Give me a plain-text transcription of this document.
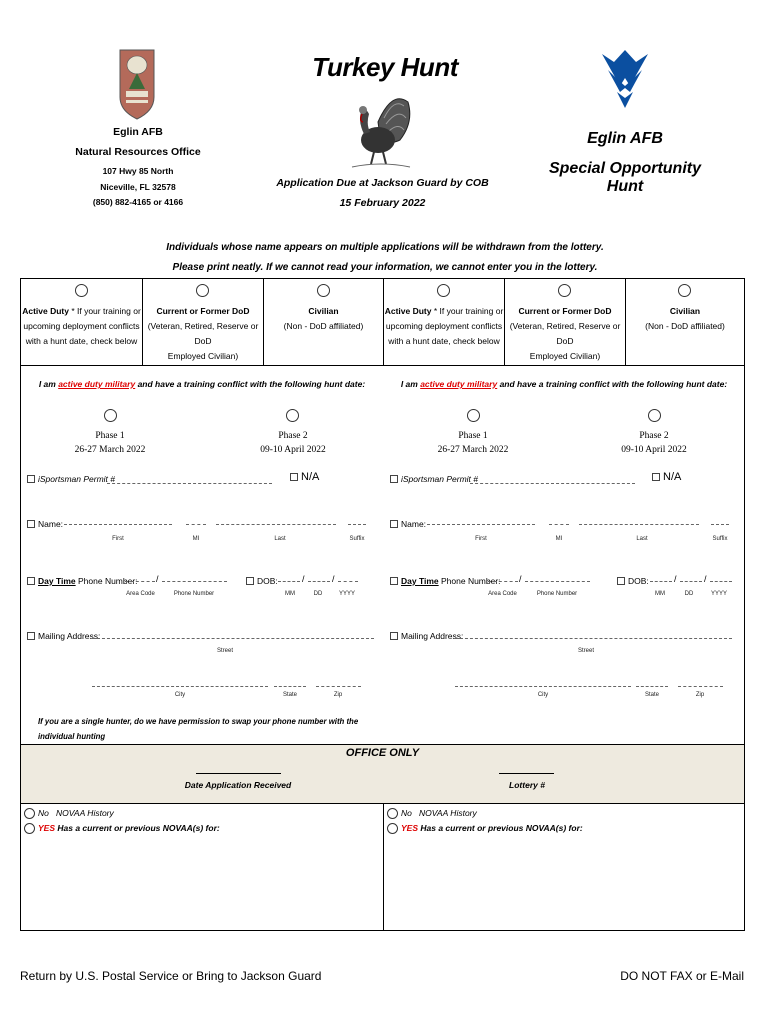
Turkey Hunt
Eglin AFB
Natural Resources Office
107 Hwy 85 North
Niceville, FL 32578
(850) 882-4165 or 4166
Application Due at Jackson Guard by COB
15 February 2022
Eglin AFB
Special Opportunity Hunt
Individuals whose name appears on multiple applications will be withdrawn from the lottery.
Please print neatly. If we cannot read your information, we cannot enter you in the lottery.
Active Duty * If your training or
upcoming deployment conflicts
with a hunt date, check below
Current or Former DoD
(Veteran, Retired, Reserve or DoD
Employed Civilian)
Civilian
(Non - DoD affiliated)
Active Duty * If your training or
upcoming deployment conflicts
with a hunt date, check below
Current or Former DoD
(Veteran, Retired, Reserve or DoD
Employed Civilian)
Civilian
(Non - DoD affiliated)
I am active duty military and have a training conflict with the following hunt date:	I am active duty military and have a training conflict with the following hunt date:
Phase 1
26-27 March 2022
Phase 2
09-10 April 2022
Phase 1
26-27 March 2022
Phase 2
09-10 April 2022
iSportsman Permit #	N/A
Name:
First	MI	Last	Suffix
Day Time Phone Number: /
Area Code	Phone Number
DOB:	/	/
MM	DD	YYYY
Mailing Address:
Street
City	State	Zip
iSportsman Permit #	N/A
Name:
First	MI	Last	Suffix
Day Time Phone Number: /
Area Code	Phone Number
DOB:	/	/
MM	DD	YYYY
Mailing Address:
Street
City	State	Zip
If you are a single hunter, do we have permission to swap your phone number with the individual hunting

OFFICE ONLY
Date Application Received	Lottery #
No NOVAA History
YES Has a current or previous NOVAA(s) for:
No NOVAA History
YES Has a current or previous NOVAA(s) for:
Return by U.S. Postal Service or Bring to Jackson Guard	DO NOT FAX or E-Mail
